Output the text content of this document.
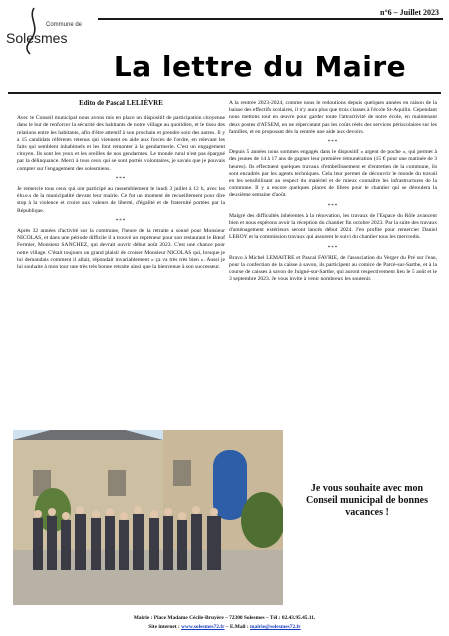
Commune de
Solesmes
n°6 – Juillet 2023
La lettre du Maire
Edito de Pascal LELIÈVRE

Avec le Conseil municipal nous avons mis en place un dispositif de participation citoyenne dans le but de renforcer la sécurité des habitants de notre village au quotidien, et le tissu des relations entre les habitants, afin d'être attentif à son prochain et prendre soin des autres. Il y a 15 candidats référents retenus qui viennent en aide aux forces de l'ordre, en relevant les faits qui semblent inhabituels et les font remonter à la gendarmerie. C'est un engagement citoyen. Ils sont les yeux et les oreilles de nos gendarmes. Le monde rural n'est pas épargné par la délinquance. Merci à tous ceux qui se sont portés volontaires, je savais que je pouvais compter sur l'engagement des solesmiens.

***

Je remercie tous ceux qui ont participé au rassemblement le lundi 3 juillet à 12 h, avec les élu.e.s de la municipalité devant leur mairie. Ce fut un moment de recueillement pour dire stop à la violence et croire aux valeurs de liberté, d'égalité et de fraternité portées par la République.

***

Après 32 années d'activité sur la commune, l'heure de la retraite a sonné pour Monsieur NICOLAS, et dans une période difficile il a trouvé un repreneur pour son restaurant le Bœuf Fermier, Monsieur SANCHEZ, qui devrait ouvrir début août 2023. C'est une chance pour notre village. C'était toujours un grand plaisir de croiser Monsieur NICOLAS qui, lorsque je lui demandais comment il allait, répondait invariablement « ça va très très bien ». Aussi je lui souhaite à mon tour une très très bonne retraite ainsi que la bienvenue à son successeur.

A la rentrée 2023-2024, comme nous le redoutions depuis quelques années en raison de la baisse des effectifs scolaires, il n'y aura plus que trois classes à l'école St-Aquilin. Cependant nous mettons tout en œuvre pour garder toute l'attractivité de notre école, en maintenant deux postes d'ATSEM, en ne répercutant pas les coûts réels des services périscolaires sur les familles, et en proposant dès la rentrée une aide aux devoirs.

***

Depuis 5 années nous sommes engagés dans le dispositif « argent de poche », qui permet à des jeunes de 14 à 17 ans de gagner leur première rémunération (15 € pour une matinée de 3 heures). Ils effectuent quelques travaux d'embellissement et d'entretien de la commune, ils sont encadrés par les agents techniques. Cela leur permet de découvrir le monde du travail en les sensibilisant au respect du matériel et de mieux connaître les infrastructures de la commune. Il y a encore quelques places de libres pour le chantier qui se déroulera la deuxième semaine d'août.

***

Malgré des difficultés inhérentes à la rénovation, les travaux de l'Espace du Rôle avancent bien et nous espérons avoir la réception du chantier fin octobre 2023. Par la suite des travaux d'aménagement extérieurs seront lancés début 2024. J'en profite pour remercier Daniel LEROY et la commission travaux qui assurent le suivi du chantier tous les mercredis.

***

Bravo à Michel LEMAITRE et Pascal FAVRIE, de l'association du Verger du Pré sur l'eau, pour la confection de la caisse à savon, ils participent au comice de Parcé-sur-Sarthe, et à la course de caisses à savon de Juigné-sur-Sarthe, qui auront respectivement lieu le 5 août et le 3 septembre 2023. Je vous invite à venir nombreux les soutenir.

Je vous souhaite avec mon Conseil municipal de bonnes vacances !
Mairie : Place Madame Cécile-Bruyère – 72300 Solesmes – Tél : 02.43.95.45.11.
Site internet : www.solesmes72.fr – E.Mail : mairie@solesmes72.fr
